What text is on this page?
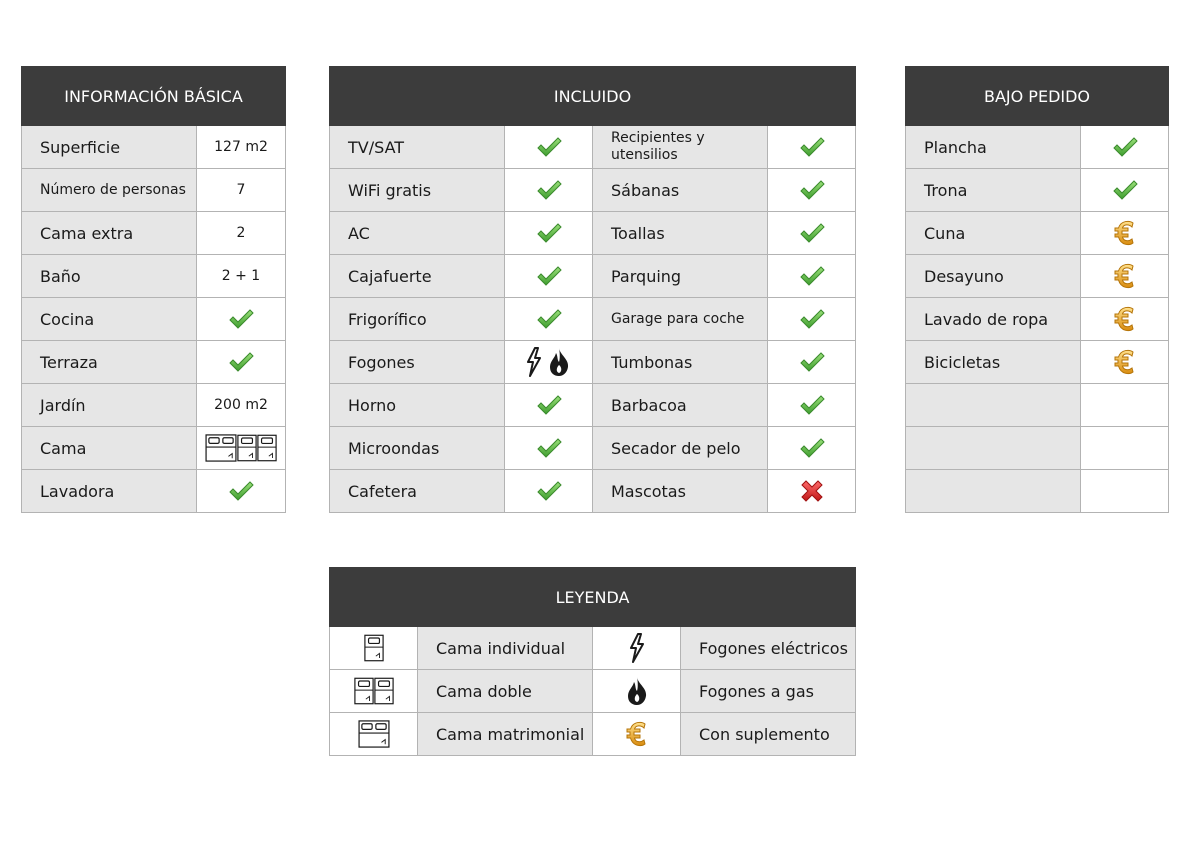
INFORMACIÓN BÁSICA	
Superficie	127 m2
Número de personas	7
Cama extra	2
Baño	2 + 1
Cocina	
Terraza	
Jardín	200 m2
Cama	
Lavadora	
INCLUIDO			
TV/SAT		Recipientes y utensilios	
WiFi gratis		Sábanas	
AC		Toallas	
Cajafuerte		Parquing	
Frigorífico		Garage para coche	
Fogones		Tumbonas	
Horno		Barbacoa	
Microondas		Secador de pelo	
Cafetera		Mascotas	
BAJO PEDIDO	
Plancha	
Trona	
Cuna	
Desayuno	
Lavado de ropa	
Bicicletas	

LEYENDA			
	Cama individual		Fogones eléctricos
	Cama doble		Fogones a gas
	Cama matrimonial		Con suplemento
